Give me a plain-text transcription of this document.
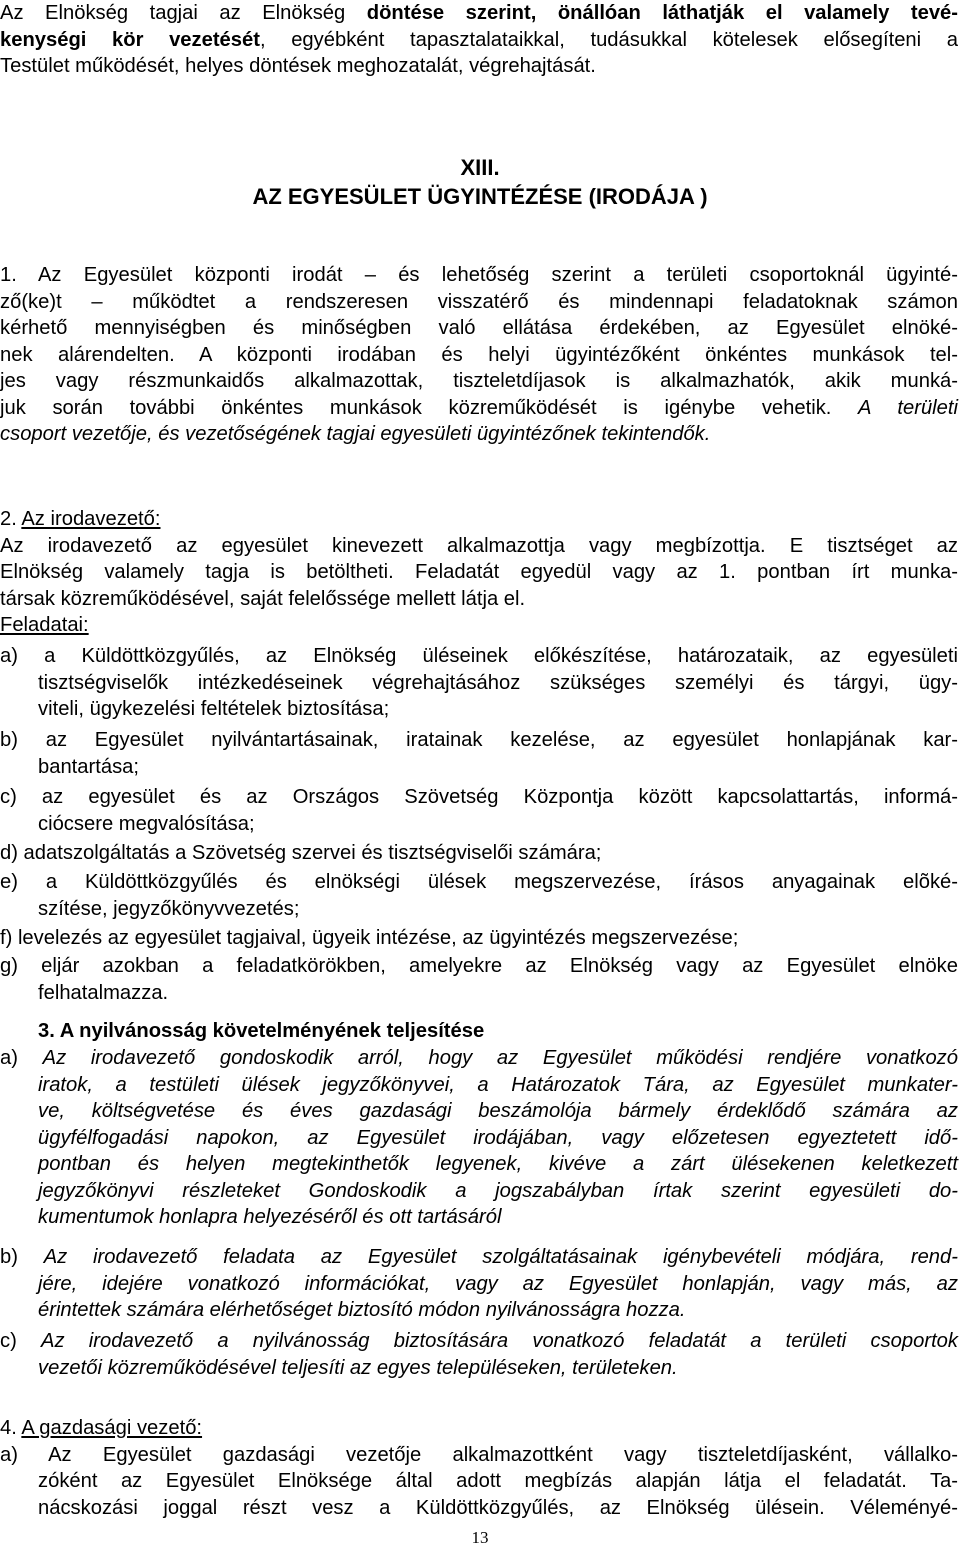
Az Elnökség tagjai az Elnökség döntése szerint, önállóan láthatják el valamely tevé-
kenységi kör vezetését, egyébként tapasztalataikkal, tudásukkal kötelesek elősegíteni a
Testület működését, helyes döntések meghozatalát, végrehajtását.
XIII.
AZ EGYESÜLET ÜGYINTÉZÉSE (IRODÁJA )
1. Az Egyesület központi irodát – és lehetőség szerint a területi csoportoknál ügyinté-
ző(ke)t – működtet a rendszeresen visszatérő és mindennapi feladatoknak számon
kérhető mennyiségben és minőségben való ellátása érdekében, az Egyesület elnöké-
nek alárendelten. A központi irodában és helyi ügyintézőként önkéntes munkások tel-
jes vagy részmunkaidős alkalmazottak, tiszteletdíjasok is alkalmazhatók, akik munká-
juk során további önkéntes munkások közreműködését is igénybe vehetik. A területi
csoport vezetője, és vezetőségének tagjai egyesületi ügyintézőnek tekintendők.
2. Az irodavezető:
Az irodavezető az egyesület kinevezett alkalmazottja vagy megbízottja. E tisztséget az
Elnökség valamely tagja is betöltheti. Feladatát egyedül vagy az 1. pontban írt munka-
társak közreműködésével, saját felelőssége mellett látja el.
Feladatai:
a) a Küldöttközgyűlés, az Elnökség üléseinek előkészítése, határozataik, az egyesületi
tisztségviselők intézkedéseinek végrehajtásához szükséges személyi és tárgyi, ügy-
viteli, ügykezelési feltételek biztosítása;
b) az Egyesület nyilvántartásainak, iratainak kezelése, az egyesület honlapjának kar-
bantartása;
c) az egyesület és az Országos Szövetség Központja között kapcsolattartás, informá-
ciócsere megvalósítása;
d) adatszolgáltatás a Szövetség szervei és tisztségviselői számára;
e) a Küldöttközgyűlés és elnökségi ülések megszervezése, írásos anyagainak elõké-
szítése, jegyzőkönyvvezetés;
f) levelezés az egyesület tagjaival, ügyeik intézése, az ügyintézés megszervezése;
g) eljár azokban a feladatkörökben, amelyekre az Elnökség vagy az Egyesület elnöke
felhatalmazza.
3. A nyilvánosság követelményének teljesítése
a) Az irodavezető gondoskodik arról, hogy az Egyesület működési rendjére vonatkozó
iratok, a testületi ülések jegyzőkönyvei, a Határozatok Tára, az Egyesület munkater-
ve, költségvetése és éves gazdasági beszámolója bármely érdeklődő számára az
ügyfélfogadási napokon, az Egyesület irodájában, vagy előzetesen egyeztetett idő-
pontban és helyen megtekinthetők legyenek, kivéve a zárt ülésekenen keletkezett
jegyzőkönyvi részleteket Gondoskodik a jogszabályban írtak szerint egyesületi do-
kumentumok honlapra helyezéséről és ott tartásáról
b) Az irodavezető feladata az Egyesület szolgáltatásainak igénybevételi módjára, rend-
jére, idejére vonatkozó információkat, vagy az Egyesület honlapján, vagy más, az
érintettek számára elérhetőséget biztosító módon nyilvánosságra hozza.
c) Az irodavezető a nyilvánosság biztosítására vonatkozó feladatát a területi csoportok
vezetői közreműködésével teljesíti az egyes településeken, területeken.
4. A gazdasági vezető:
a) Az Egyesület gazdasági vezetője alkalmazottként vagy tiszteletdíjasként, vállalko-
zóként az Egyesület Elnöksége által adott megbízás alapján látja el feladatát. Ta-
nácskozási joggal részt vesz a Küldöttközgyűlés, az Elnökség ülésein. Véleményé-
13
